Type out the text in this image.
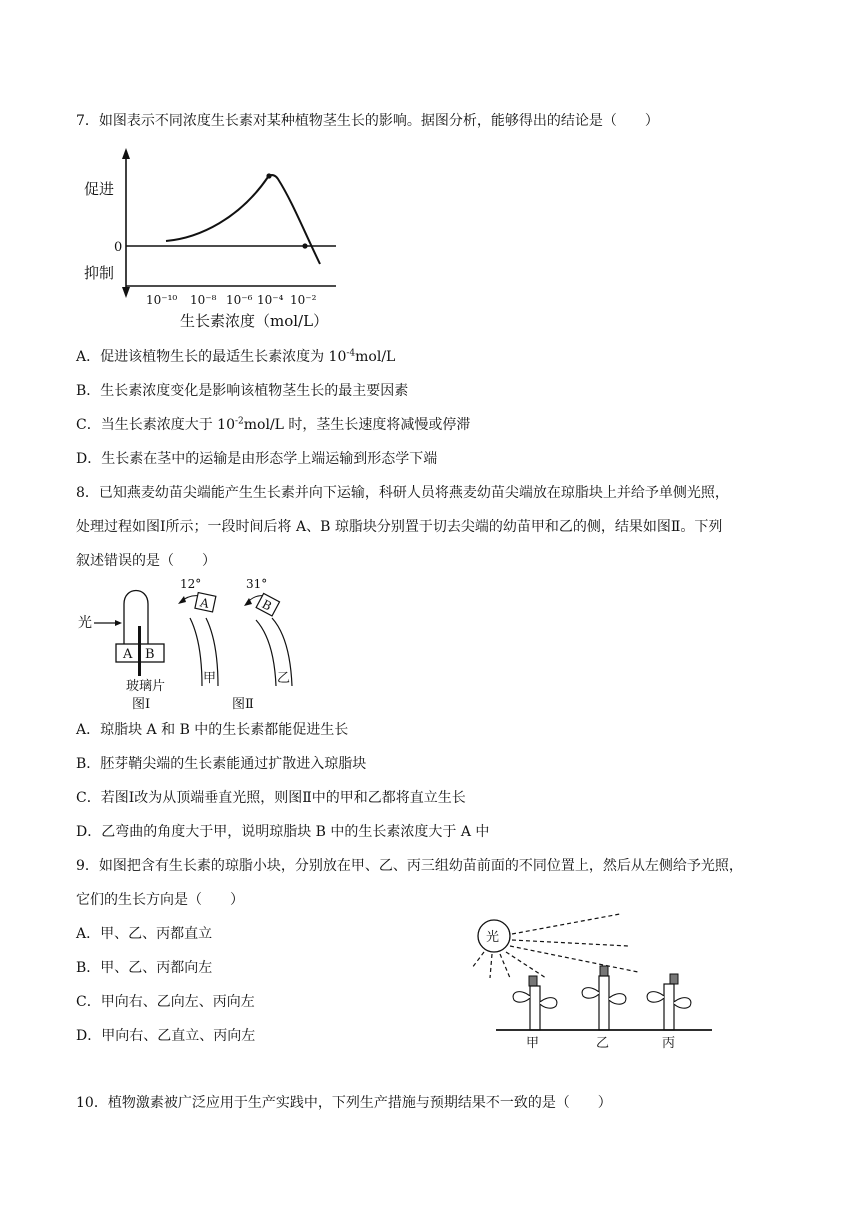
7．如图表示不同浓度生长素对某种植物茎生长的影响。据图分析，能够得出的结论是（　　）
促进
0
抑制
10⁻¹⁰ 10⁻⁸ 10⁻⁶ 10⁻⁴ 10⁻²
生长素浓度（mol/L）
A．促进该植物生长的最适生长素浓度为 $10^{-4}mol/L$
B．生长素浓度变化是影响该植物茎生长的最主要因素
C．当生长素浓度大于 $10^{-2}mol/L$ 时，茎生长速度将减慢或停滞
D．生长素在茎中的运输是由形态学上端运输到形态学下端
8．已知燕麦幼苗尖端能产生生长素并向下运输，科研人员将燕麦幼苗尖端放在琼脂块上并给予单侧光照，
处理过程如图Ⅰ所示；一段时间后将 A、B 琼脂块分别置于切去尖端的幼苗甲和乙的侧，结果如图Ⅱ。下列
叙述错误的是（　　）
光
A B
玻璃片
图Ⅰ
12°
A
甲
31°
B
乙
图Ⅱ
A．琼脂块 A 和 B 中的生长素都能促进生长
B．胚芽鞘尖端的生长素能通过扩散进入琼脂块
C．若图Ⅰ改为从顶端垂直光照，则图Ⅱ中的甲和乙都将直立生长
D．乙弯曲的角度大于甲，说明琼脂块 B 中的生长素浓度大于 A 中
9．如图把含有生长素的琼脂小块，分别放在甲、乙、丙三组幼苗前面的不同位置上，然后从左侧给予光照，
它们的生长方向是（　　）
A．甲、乙、丙都直立
B．甲、乙、丙都向左
C．甲向右、乙向左、丙向左
D．甲向右、乙直立、丙向左
光
甲	乙	丙
10．植物激素被广泛应用于生产实践中，下列生产措施与预期结果不一致的是（　　）
